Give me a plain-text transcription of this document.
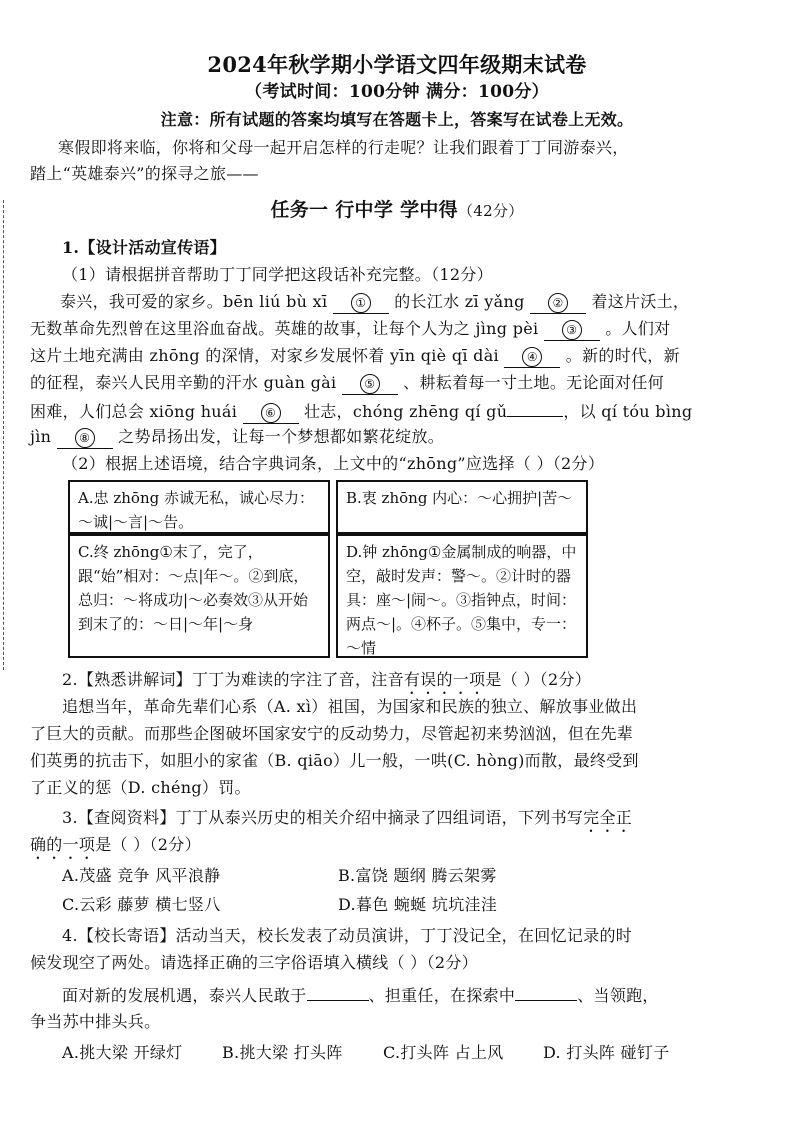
2024年秋学期小学语文四年级期末试卷
（考试时间：100分钟 满分：100分）
注意：所有试题的答案均填写在答题卡上，答案写在试卷上无效。
寒假即将来临，你将和父母一起开启怎样的行走呢？让我们跟着丁丁同游泰兴，
踏上“英雄泰兴”的探寻之旅——
任务一 行中学 学中得（42分）
1.【设计活动宣传语】
（1）请根据拼音帮助丁丁同学把这段话补充完整。（12分）
泰兴，我可爱的家乡。bēn liú bù xī ① 的长江水 zī yǎng ② 着这片沃土，
无数革命先烈曾在这里浴血奋战。英雄的故事，让每个人为之 jìng pèi ③ 。人们对
这片土地充满由 zhōng 的深情，对家乡发展怀着 yīn qiè qī dài ④ 。新的时代，新
的征程，泰兴人民用辛勤的汗水 guàn gài ⑤ 、耕耘着每一寸土地。无论面对任何
困难，人们总会 xiōng huái ⑥ 壮志，chóng zhēng qí gǔ	，以 qí tóu bìng
jìn ⑧ 之势昂扬出发，让每一个梦想都如繁花绽放。
（2）根据上述语境，结合字典词条，上文中的“zhōng”应选择（ ）（2分）
A.忠 zhōng 赤诚无私，诚心尽力：～诚|～言|～告。
B.衷 zhōng 内心：～心拥护|苦～
C.终 zhōng①末了，完了，跟“始”相对：～点|年～。②到底，总归：～将成功|～必奏效③从开始到末了的：～日|～年|～身
D.钟 zhōng①金属制成的响器，中空，敲时发声：警～。②计时的器具：座～|闹～。③指钟点，时间：两点～|。④杯子。⑤集中，专一：～情
2.【熟悉讲解词】丁丁为难读的字注了音，注音有误的一项是（ ）（2分）
追想当年，革命先辈们心系（A. xì）祖国，为国家和民族的独立、解放事业做出
了巨大的贡献。而那些企图破坏国家安宁的反动势力，尽管起初来势汹汹，但在先辈
们英勇的抗击下，如胆小的家雀（B. qiāo）儿一般，一哄(C. hòng)而散，最终受到
了正义的惩（D. chéng）罚。
3.【查阅资料】丁丁从泰兴历史的相关介绍中摘录了四组词语，下列书写完全正
确的一项是（ ）（2分）
A.茂盛 竞争 风平浪静	B.富饶 题纲 腾云架雾
C.云彩 藤萝 横七竖八	D.暮色 蜿蜒 坑坑洼洼
4.【校长寄语】活动当天，校长发表了动员演讲，丁丁没记全，在回忆记录的时
候发现空了两处。请选择正确的三字俗语填入横线（ ）（2分）
面对新的发展机遇，泰兴人民敢于	、担重任，在探索中	、当领跑，
争当苏中排头兵。
A.挑大梁 开绿灯 B.挑大梁 打头阵	C.打头阵 占上风 D. 打头阵 碰钉子
